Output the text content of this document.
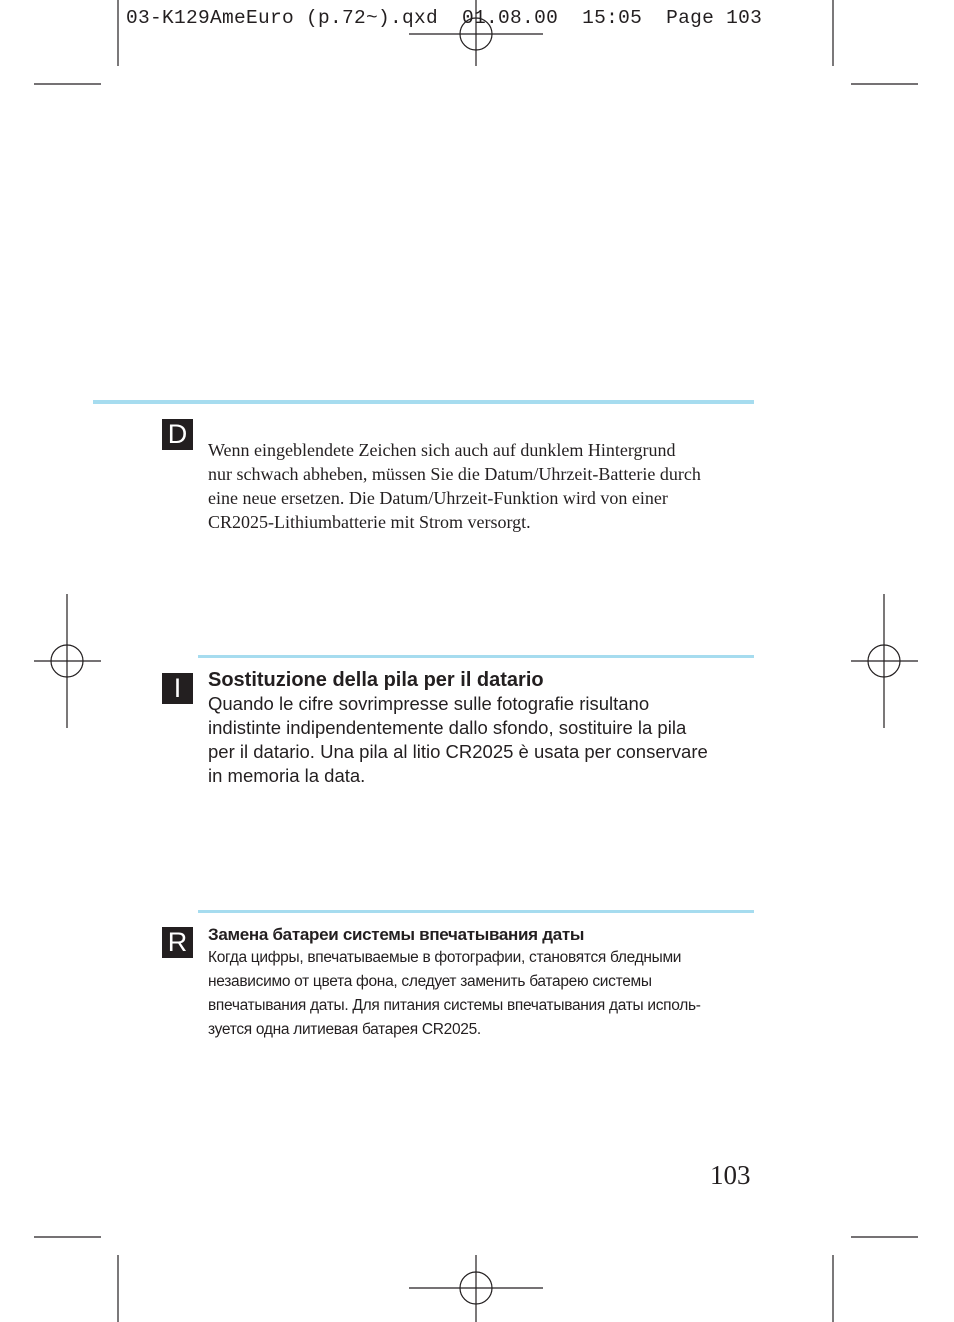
03-K129AmeEuro (p.72~).qxd  01.08.00  15:05  Page 103
D
Wenn eingeblendete Zeichen sich auch auf dunklem Hintergrund
nur schwach abheben, müssen Sie die Datum/Uhrzeit-Batterie durch
eine neue ersetzen. Die Datum/Uhrzeit-Funktion wird von einer
CR2025-Lithiumbatterie mit Strom versorgt.
I	Sostituzione della pila per il datario
Quando le cifre sovrimpresse sulle fotografie risultano
indistinte indipendentemente dallo sfondo, sostituire la pila
per il datario. Una pila al litio CR2025 è usata per conservare
in memoria la data.
R	Замена батареи системы впечатывания даты
Когда цифры, впечатываемые в фотографии, становятся бледными
независимо от цвета фона, следует заменить батарею системы
впечатывания даты. Для питания системы впечатывания даты исполь-
зуется одна литиевая батарея CR2025.
103
